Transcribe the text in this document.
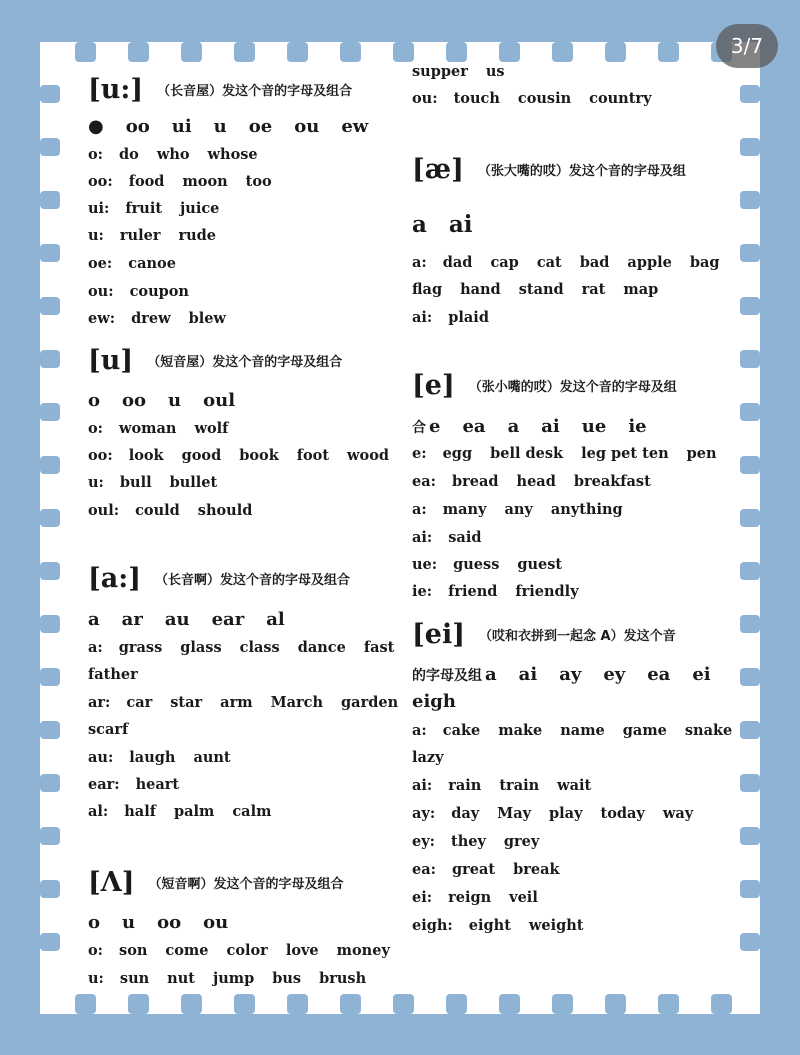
3/7
[u:] （长音屋）发这个音的字母及组合
● oo ui u oe ou ew
o: do who whose
oo: food moon too
ui: fruit juice
u: ruler rude
oe: canoe
ou: coupon
ew: drew blew
[u] （短音屋）发这个音的字母及组合
o oo u oul
o: woman wolf
oo: look good book foot wood
u: bull bullet
oul: could should
[a:] （长音啊）发这个音的字母及组合
a ar au ear al
a: grass glass class dance fast
father
ar: car star arm March garden
scarf
au: laugh aunt
ear: heart
al: half palm calm
[Λ] （短音啊）发这个音的字母及组合
o u oo ou
o: son come color love money
u: sun nut jump bus brush
supper us
ou: touch cousin country
[æ] （张大嘴的哎）发这个音的字母及组
a ai
a: dad cap cat bad apple bag
flag hand stand rat map
ai: plaid
[e] （张小嘴的哎）发这个音的字母及组
合 e ea a ai ue ie
e: egg bell desk leg pet ten pen
ea: bread head breakfast
a: many any anything
ai: said
ue: guess guest
ie: friend friendly
[ei] （哎和衣拼到一起念 A）发这个音
的字母及组 a ai ay ey ea ei
eigh
a: cake make name game snake
lazy
ai: rain train wait
ay: day May play today way
ey: they grey
ea: great break
ei: reign veil
eigh: eight weight
